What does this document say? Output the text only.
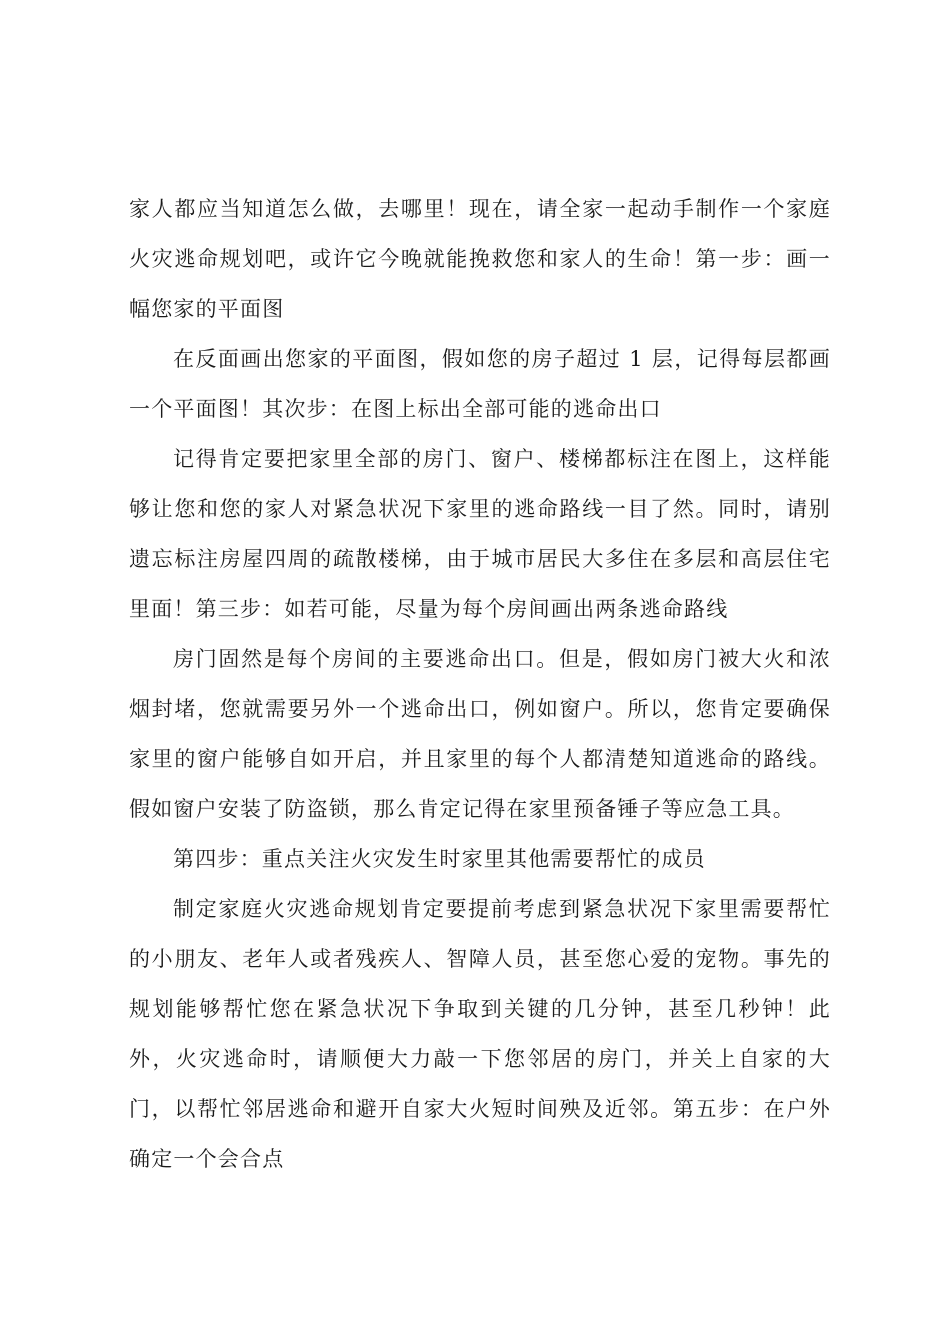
家人都应当知道怎么做，去哪里！现在，请全家一起动手制作一个家庭火灾逃命规划吧，或许它今晚就能挽救您和家人的生命！第一步：画一幅您家的平面图

在反面画出您家的平面图，假如您的房子超过 1 层，记得每层都画一个平面图！其次步：在图上标出全部可能的逃命出口

记得肯定要把家里全部的房门、窗户、楼梯都标注在图上，这样能够让您和您的家人对紧急状况下家里的逃命路线一目了然。同时，请别遗忘标注房屋四周的疏散楼梯，由于城市居民大多住在多层和高层住宅里面！第三步：如若可能，尽量为每个房间画出两条逃命路线

房门固然是每个房间的主要逃命出口。但是，假如房门被大火和浓烟封堵，您就需要另外一个逃命出口，例如窗户。所以，您肯定要确保家里的窗户能够自如开启，并且家里的每个人都清楚知道逃命的路线。假如窗户安装了防盗锁，那么肯定记得在家里预备锤子等应急工具。

第四步：重点关注火灾发生时家里其他需要帮忙的成员

制定家庭火灾逃命规划肯定要提前考虑到紧急状况下家里需要帮忙的小朋友、老年人或者残疾人、智障人员，甚至您心爱的宠物。事先的规划能够帮忙您在紧急状况下争取到关键的几分钟，甚至几秒钟！此外，火灾逃命时，请顺便大力敲一下您邻居的房门，并关上自家的大门，以帮忙邻居逃命和避开自家大火短时间殃及近邻。第五步：在户外确定一个会合点
